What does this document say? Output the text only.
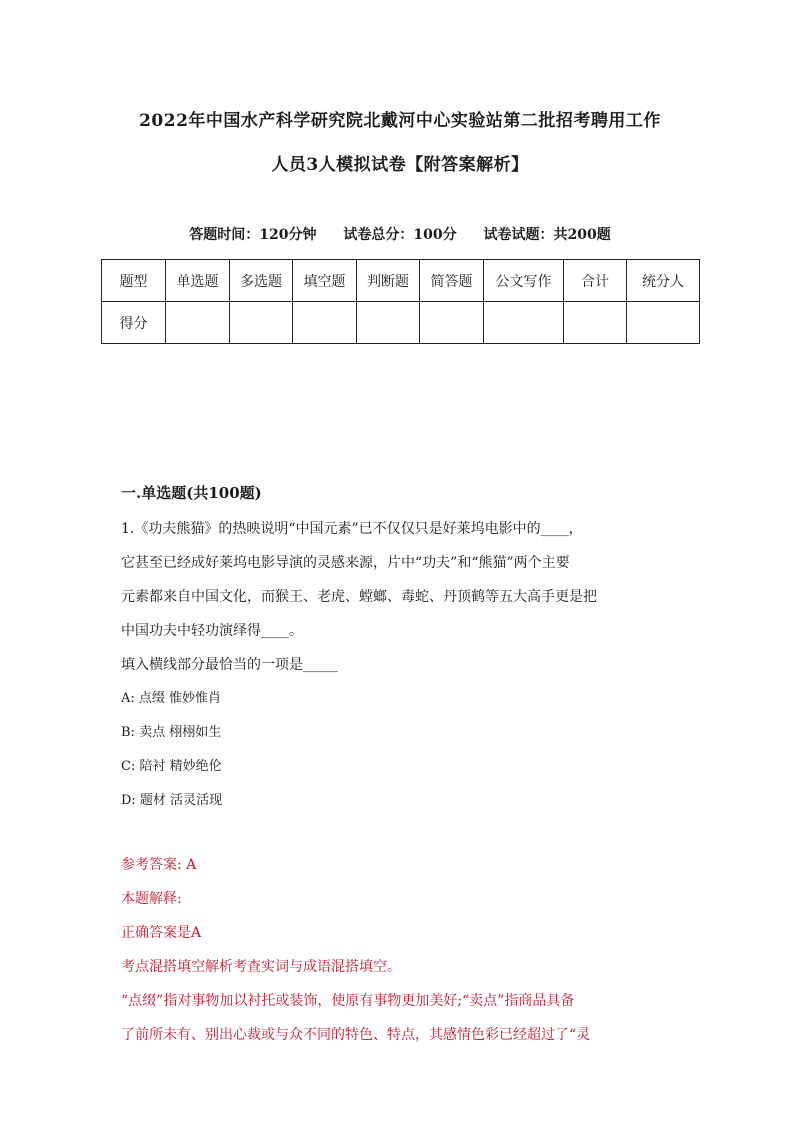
2022年中国水产科学研究院北戴河中心实验站第二批招考聘用工作
人员3人模拟试卷【附答案解析】
答题时间：120分钟 试卷总分：100分 试卷试题：共200题
题型	单选题	多选题	填空题	判断题	简答题	公文写作	合计	统分人
得分								
一.单选题(共100题)

1.《功夫熊猫》的热映说明“中国元素”已不仅仅只是好莱坞电影中的____，

它甚至已经成好莱坞电影导演的灵感来源，片中“功夫”和“熊猫”两个主要

元素都来自中国文化，而猴王、老虎、螳螂、毒蛇、丹顶鹤等五大高手更是把

中国功夫中轻功演绎得____。

填入横线部分最恰当的一项是_____

A: 点缀 惟妙惟肖

B: 卖点 栩栩如生

C: 陪衬 精妙绝伦

D: 题材 活灵活现

参考答案: A

本题解释:

正确答案是A

考点混搭填空解析考查实词与成语混搭填空。

“点缀”指对事物加以衬托或装饰，使原有事物更加美好;“卖点”指商品具备

了前所未有、别出心裁或与众不同的特色、特点，其感情色彩已经超过了“灵
